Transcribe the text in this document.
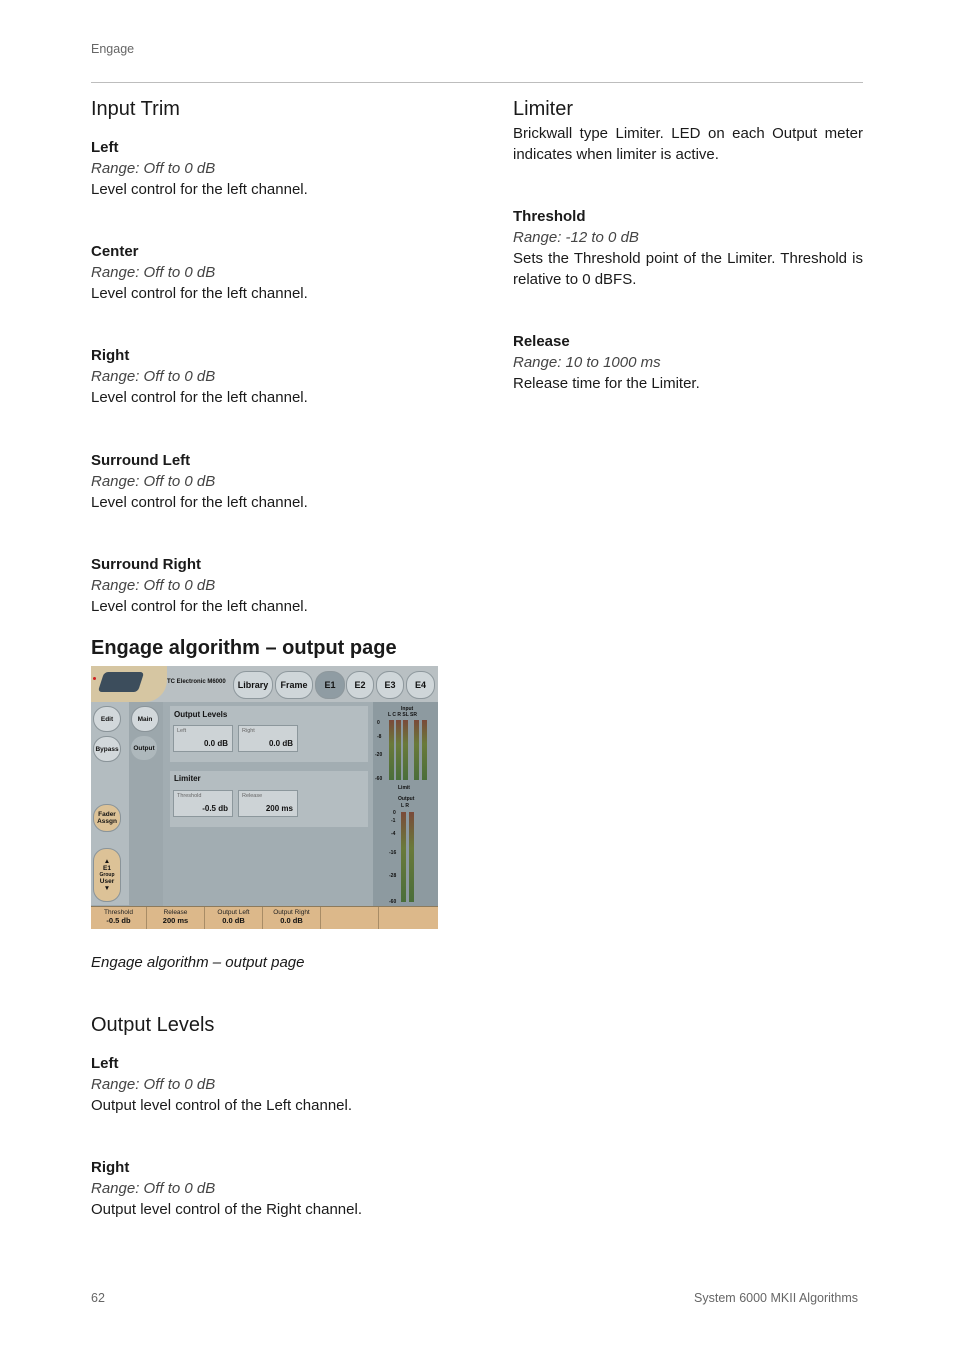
Engage
Input Trim
Left
Range: Off to 0 dB
Level control for the left channel.
Center
Range: Off to 0 dB
Level control for the left channel.
Right
Range: Off to 0 dB
Level control for the left channel.
Surround Left
Range: Off to 0 dB
Level control for the left channel.
Surround Right
Range: Off to 0 dB
Level control for the left channel.
Limiter
Brickwall type Limiter. LED on each Output meter indicates when limiter is active.
Threshold
Range: -12 to 0 dB
Sets the Threshold point of the Limiter. Threshold is relative to 0 dBFS.
Release
Range: 10 to 1000 ms
Release time for the Limiter.
Engage algorithm – output page
TC Electronic M6000	Library	Frame	E1	E2	E3	E4
Edit	Main
Bypass	Output
Fader Assgn
▲
E1
Group
User
▼
Output Levels
Left
0.0 dB
Right
0.0 dB
Limiter
Threshold
-0.5 db
Release
200 ms
Input
L C R SL SR
0
-8
-20
-60
Limit
Output
L R
0
-1
-4
-16
-28
-60
Threshold
-0.5 db
Release
200 ms
Output Left
0.0 dB
Output Right
0.0 dB
Engage algorithm – output page
Output Levels
Left
Range: Off to 0 dB
Output level control of the Left channel.
Right
Range: Off to 0 dB
Output level control of the Right channel.
62	System 6000 MKII Algorithms
